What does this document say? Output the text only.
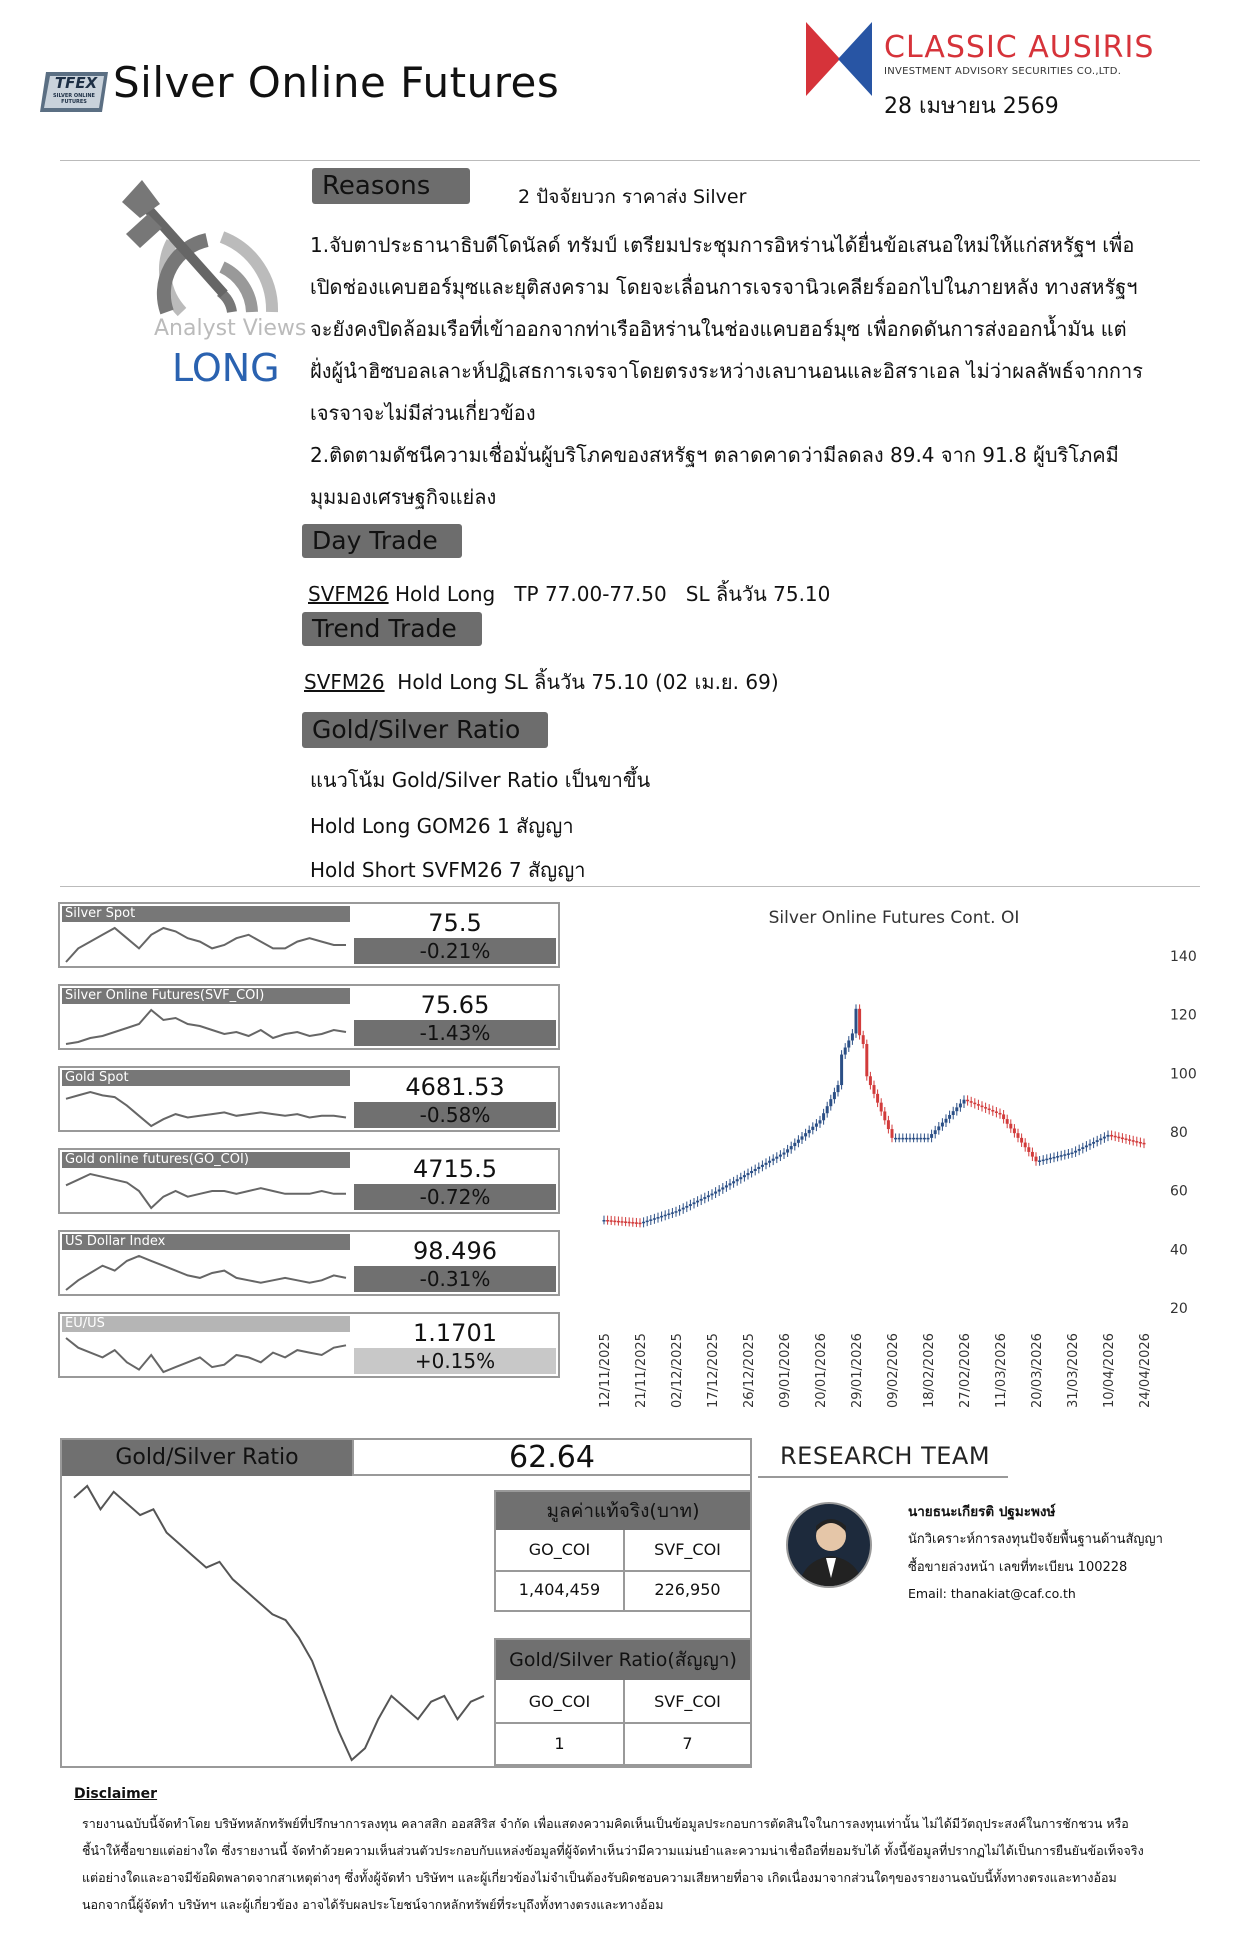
TFEX
SILVER ONLINE FUTURES Silver Online Futures
CLASSIC AUSIRIS
INVESTMENT ADVISORY SECURITIES CO.,LTD.
28 เมษายน 2569
Analyst Views
LONG
Reasons	2 ปัจจัยบวก ราคาส่ง Silver
1.จับตาประธานาธิบดีโดนัลด์ ทรัมป์ เตรียมประชุมการอิหร่านได้ยื่นข้อเสนอใหม่ให้แก่สหรัฐฯ เพื่อ
เปิดช่องแคบฮอร์มุซและยุติสงคราม โดยจะเลื่อนการเจรจานิวเคลียร์ออกไปในภายหลัง ทางสหรัฐฯ
จะยังคงปิดล้อมเรือที่เข้าออกจากท่าเรืออิหร่านในช่องแคบฮอร์มุซ เพื่อกดดันการส่งออกน้ำมัน แต่
ฝั่งผู้นำฮิซบอลเลาะห์ปฏิเสธการเจรจาโดยตรงระหว่างเลบานอนและอิสราเอล ไม่ว่าผลลัพธ์จากการ
เจรจาจะไม่มีส่วนเกี่ยวข้อง
2.ติดตามดัชนีความเชื่อมั่นผู้บริโภคของสหรัฐฯ ตลาดคาดว่ามีลดลง 89.4 จาก 91.8 ผู้บริโภคมี
มุมมองเศรษฐกิจแย่ลง
Day Trade
SVFM26 Hold Long   TP 77.00-77.50   SL ลิ้นวัน 75.10
Trend Trade
SVFM26  Hold Long SL ลิ้นวัน 75.10 (02 เม.ย. 69)
Gold/Silver Ratio
แนวโน้ม Gold/Silver Ratio เป็นขาขึ้น
Hold Long GOM26 1 สัญญา
Hold Short SVFM26 7 สัญญา
Silver Spot	75.5
-0.21%
Silver Online Futures(SVF_COI)	75.65
-1.43%
Gold Spot	4681.53
-0.58%
Gold online futures(GO_COI)	4715.5
-0.72%
US Dollar Index	98.496
-0.31%
EU/US	1.1701
+0.15%
Silver Online Futures Cont. OI
140
120
100
80
60
40
20
12/11/2025 21/11/2025 02/12/2025 17/12/2025 26/12/2025 09/01/2026 20/01/2026 29/01/2026 09/02/2026 18/02/2026 27/02/2026 11/03/2026 20/03/2026 31/03/2026 10/04/2026 24/04/2026
Gold/Silver Ratio	62.64
มูลค่าแท้จริง(บาท)
GO_COI	SVF_COI
1,404,459	226,950
Gold/Silver Ratio(สัญญา)
GO_COI	SVF_COI
1	7
RESEARCH TEAM
นายธนะเกียรติ ปฐมะพงษ์
นักวิเคราะห์การลงทุนปัจจัยพื้นฐานด้านสัญญา
ซื้อขายล่วงหน้า เลขที่ทะเบียน 100228
Email: thanakiat@caf.co.th
Disclaimer
รายงานฉบับนี้จัดทำโดย บริษัทหลักทรัพย์ที่ปรึกษาการลงทุน คลาสสิก ออสสิริส จำกัด เพื่อแสดงความคิดเห็นเป็นข้อมูลประกอบการตัดสินใจในการลงทุนเท่านั้น ไม่ได้มีวัตถุประสงค์ในการชักชวน หรือ
ชี้นำให้ซื้อขายแต่อย่างใด ซึ่งรายงานนี้ จัดทำด้วยความเห็นส่วนตัวประกอบกับแหล่งข้อมูลที่ผู้จัดทำเห็นว่ามีความแม่นยำและความน่าเชื่อถือที่ยอมรับได้ ทั้งนี้ข้อมูลที่ปรากฏไม่ได้เป็นการยืนยันข้อเท็จจริง
แต่อย่างใดและอาจมีข้อผิดพลาดจากสาเหตุต่างๆ ซึ่งทั้งผู้จัดทำ บริษัทฯ และผู้เกี่ยวข้องไม่จำเป็นต้องรับผิดชอบความเสียหายที่อาจ เกิดเนื่องมาจากส่วนใดๆของรายงานฉบับนี้ทั้งทางตรงและทางอ้อม
นอกจากนี้ผู้จัดทำ บริษัทฯ และผู้เกี่ยวข้อง อาจได้รับผลประโยชน์จากหลักทรัพย์ที่ระบุถึงทั้งทางตรงและทางอ้อม
